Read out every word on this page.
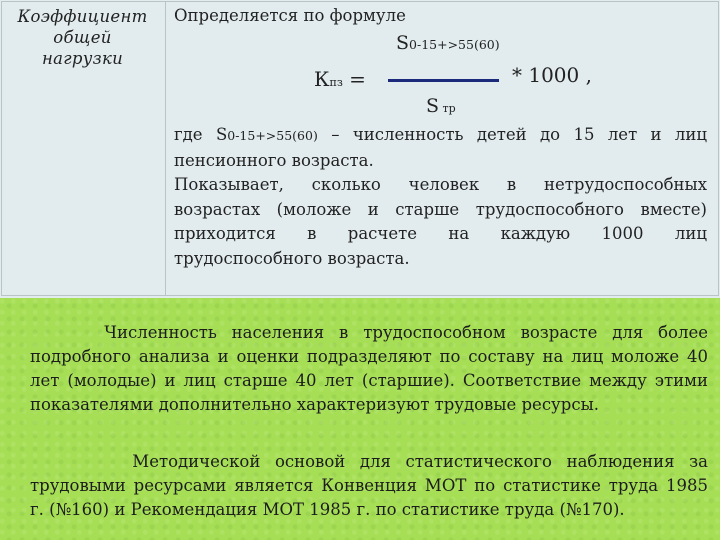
Коэффициент
общей
нагрузки
Определяется по формуле
S0-15+>55(60)
Кпз =	* 1000 ,
S тр

где S0-15+>55(60) – численность детей до 15 лет и лиц

пенсионного возраста.

Показывает, сколько человек в нетрудоспособных

возрастах (моложе и старше трудоспособного вместе)

приходится в расчете на каждую 1000 лиц

трудоспособного возраста.

Численность населения в трудоспособном возрасте для более
подробного анализа и оценки подразделяют по составу на лиц моложе 40
лет (молодые) и лиц старше 40 лет (старшие). Соответствие между этими
показателями дополнительно характеризуют трудовые ресурсы.
Методической основой для статистического наблюдения за
трудовыми ресурсами является Конвенция МОТ по статистике труда 1985
г. (№160) и Рекомендация МОТ 1985 г. по статистике труда (№170).
